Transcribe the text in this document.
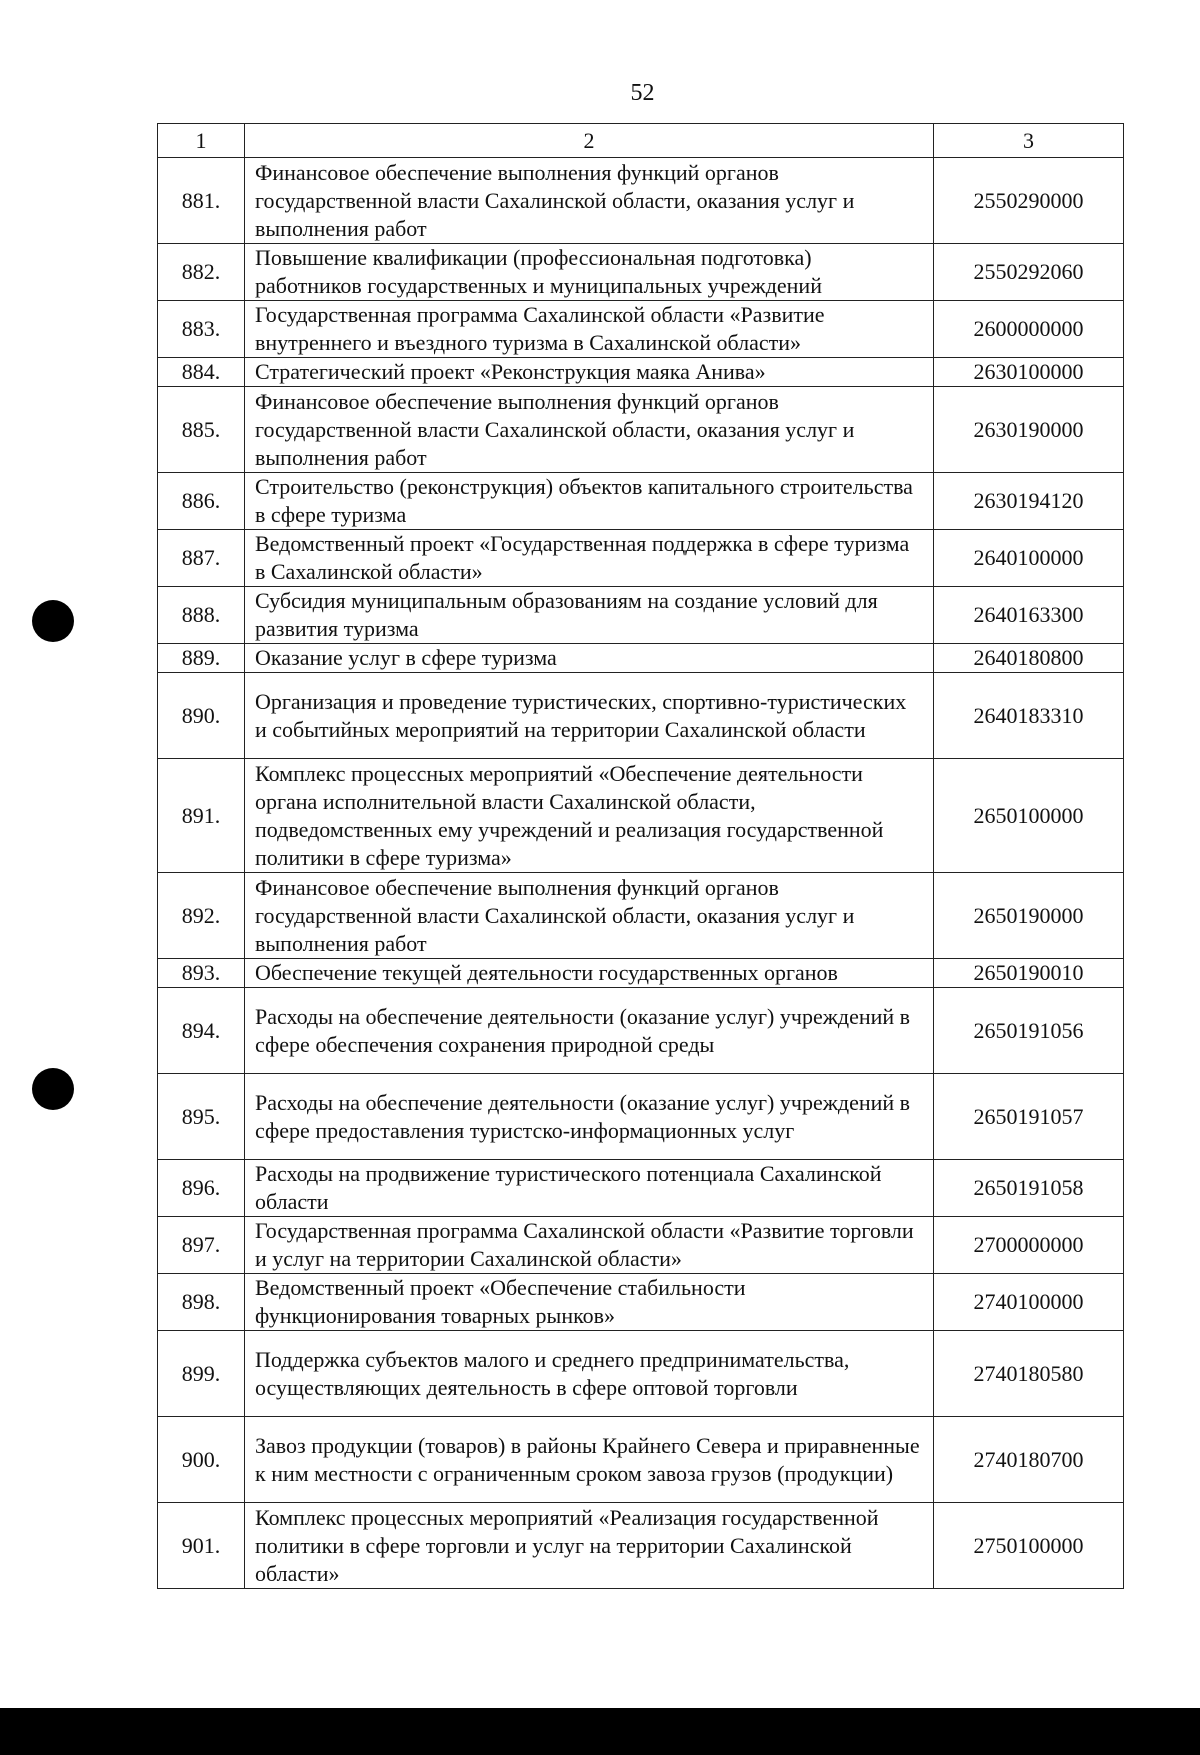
52
1	2	3
881.	Финансовое обеспечение выполнения функций органов государственной власти Сахалинской области, оказания услуг и выполнения работ	2550290000
882.	Повышение квалификации (профессиональная подготовка) работников государственных и муниципальных учреждений	2550292060
883.	Государственная программа Сахалинской области «Развитие внутреннего и въездного туризма в Сахалинской области»	2600000000
884.	Стратегический проект «Реконструкция маяка Анива»	2630100000
885.	Финансовое обеспечение выполнения функций органов государственной власти Сахалинской области, оказания услуг и выполнения работ	2630190000
886.	Строительство (реконструкция) объектов капитального строительства в сфере туризма	2630194120
887.	Ведомственный проект «Государственная поддержка в сфере туризма в Сахалинской области»	2640100000
888.	Субсидия муниципальным образованиям на создание условий для развития туризма	2640163300
889.	Оказание услуг в сфере туризма	2640180800
890.	Организация и проведение туристических, спортивно-туристических и событийных мероприятий на территории Сахалинской области	2640183310
891.	Комплекс процессных мероприятий «Обеспечение деятельности органа исполнительной власти Сахалинской области, подведомственных ему учреждений и реализация государственной политики в сфере туризма»	2650100000
892.	Финансовое обеспечение выполнения функций органов государственной власти Сахалинской области, оказания услуг и выполнения работ	2650190000
893.	Обеспечение текущей деятельности государственных органов	2650190010
894.	Расходы на обеспечение деятельности (оказание услуг) учреждений в сфере обеспечения сохранения природной среды	2650191056
895.	Расходы на обеспечение деятельности (оказание услуг) учреждений в сфере предоставления туристско-информационных услуг	2650191057
896.	Расходы на продвижение туристического потенциала Сахалинской области	2650191058
897.	Государственная программа Сахалинской области «Развитие торговли и услуг на территории Сахалинской области»	2700000000
898.	Ведомственный проект «Обеспечение стабильности функционирования товарных рынков»	2740100000
899.	Поддержка субъектов малого и среднего предпринимательства, осуществляющих деятельность в сфере оптовой торговли	2740180580
900.	Завоз продукции (товаров) в районы Крайнего Севера и приравненные к ним местности с ограниченным сроком завоза грузов (продукции)	2740180700
901.	Комплекс процессных мероприятий «Реализация государственной политики в сфере торговли и услуг на территории Сахалинской области»	2750100000
